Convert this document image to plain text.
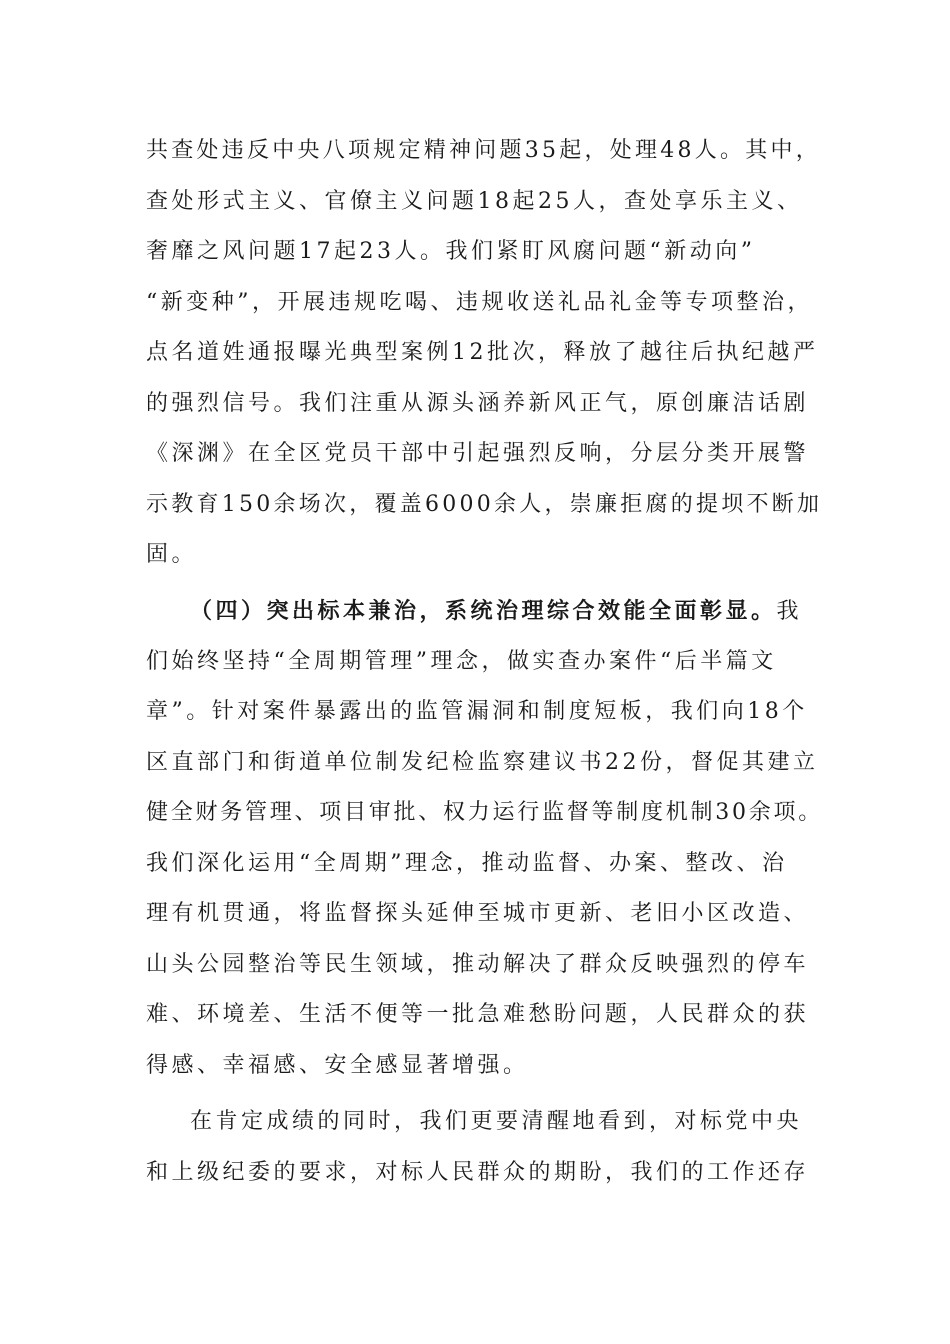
共查处违反中央八项规定精神问题35起，处理48人。其中，
查处形式主义、官僚主义问题18起25人，查处享乐主义、
奢靡之风问题17起23人。我们紧盯风腐问题“新动向”
“新变种”，开展违规吃喝、违规收送礼品礼金等专项整治，
点名道姓通报曝光典型案例12批次，释放了越往后执纪越严
的强烈信号。我们注重从源头涵养新风正气，原创廉洁话剧
《深渊》在全区党员干部中引起强烈反响，分层分类开展警
示教育150余场次，覆盖6000余人，崇廉拒腐的提坝不断加
固。
（四）突出标本兼治，系统治理综合效能全面彰显。我
们始终坚持“全周期管理”理念，做实查办案件“后半篇文
章”。针对案件暴露出的监管漏洞和制度短板，我们向18个
区直部门和街道单位制发纪检监察建议书22份，督促其建立
健全财务管理、项目审批、权力运行监督等制度机制30余项。
我们深化运用“全周期”理念，推动监督、办案、整改、治
理有机贯通，将监督探头延伸至城市更新、老旧小区改造、
山头公园整治等民生领域，推动解决了群众反映强烈的停车
难、环境差、生活不便等一批急难愁盼问题，人民群众的获
得感、幸福感、安全感显著增强。
在肯定成绩的同时，我们更要清醒地看到，对标党中央
和上级纪委的要求，对标人民群众的期盼，我们的工作还存
